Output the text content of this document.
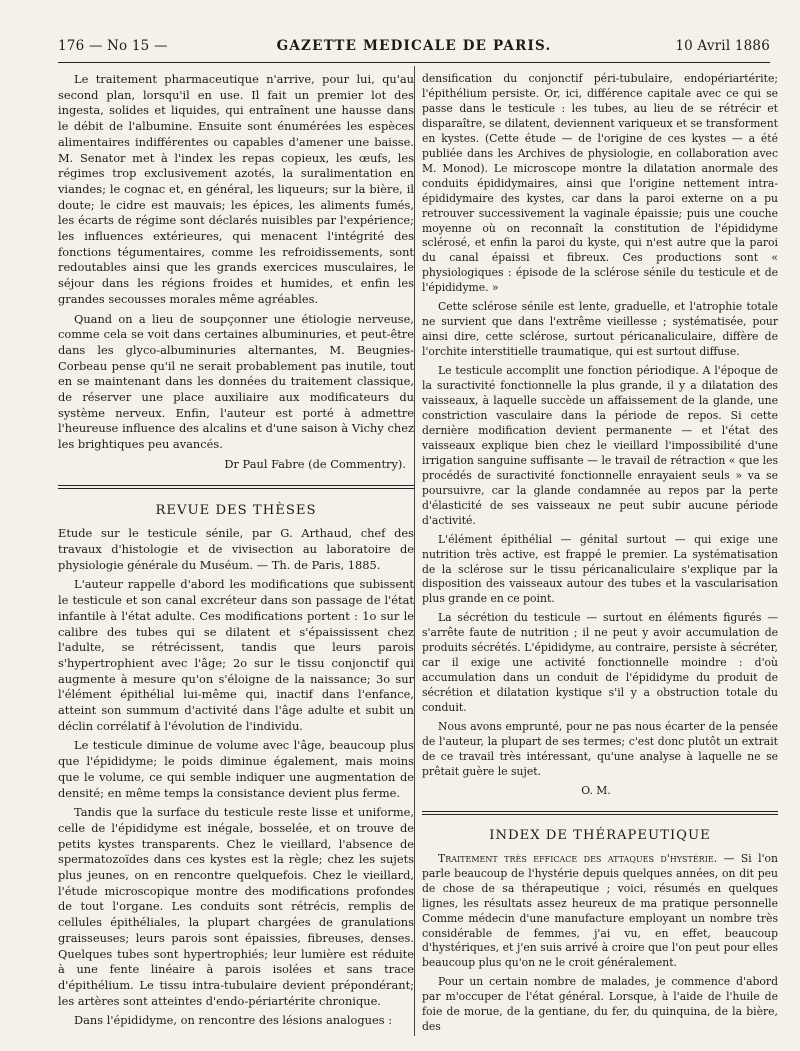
176 — No 15 —	GAZETTE MEDICALE DE PARIS.	10 Avril 1886

Le traitement pharmaceutique n'arrive, pour lui, qu'au second plan, lorsqu'il en use. Il fait un premier lot des ingesta, solides et liquides, qui entraînent une hausse dans le débit de l'albumine. Ensuite sont énumérées les espèces alimentaires indifférentes ou capables d'amener une baisse. M. Senator met à l'index les repas copieux, les œufs, les régimes trop exclusivement azotés, la suralimentation en viandes; le cognac et, en général, les liqueurs; sur la bière, il doute; le cidre est mauvais; les épices, les aliments fumés, les écarts de régime sont déclarés nuisibles par l'expérience; les influences extérieures, qui menacent l'intégrité des fonctions tégumentaires, comme les refroidissements, sont redoutables ainsi que les grands exercices musculaires, le séjour dans les régions froides et humides, et enfin les grandes secousses morales même agréables.

Quand on a lieu de soupçonner une étiologie nerveuse, comme cela se voit dans certaines albuminuries, et peut-être dans les glyco-albuminuries alternantes, M. Beugnies-Corbeau pense qu'il ne serait probablement pas inutile, tout en se maintenant dans les données du traitement classique, de réserver une place auxiliaire aux modificateurs du système nerveux. Enfin, l'auteur est porté à admettre l'heureuse influence des alcalins et d'une saison à Vichy chez les brightiques peu avancés.

Dr Paul Fabre (de Commentry).

REVUE DES THÈSES

Etude sur le testicule sénile, par G. Arthaud, chef des travaux d'histologie et de vivisection au laboratoire de physiologie générale du Muséum. — Th. de Paris, 1885.

L'auteur rappelle d'abord les modifications que subissent le testicule et son canal excréteur dans son passage de l'état infantile à l'état adulte. Ces modifications portent : 1o sur le calibre des tubes qui se dilatent et s'épaississent chez l'adulte, se rétrécissent, tandis que leurs parois s'hypertrophient avec l'âge; 2o sur le tissu conjonctif qui augmente à mesure qu'on s'éloigne de la naissance; 3o sur l'élément épithélial lui-même qui, inactif dans l'enfance, atteint son summum d'activité dans l'âge adulte et subit un déclin corrélatif à l'évolution de l'individu.

Le testicule diminue de volume avec l'âge, beaucoup plus que l'épididyme; le poids diminue également, mais moins que le volume, ce qui semble indiquer une augmentation de densité; en même temps la consistance devient plus ferme.

Tandis que la surface du testicule reste lisse et uniforme, celle de l'épididyme est inégale, bosselée, et on trouve de petits kystes transparents. Chez le vieillard, l'absence de spermatozoïdes dans ces kystes est la règle; chez les sujets plus jeunes, on en rencontre quelquefois. Chez le vieillard, l'étude microscopique montre des modifications profondes de tout l'organe. Les conduits sont rétrécis, remplis de cellules épithéliales, la plupart chargées de granulations graisseuses; leurs parois sont épaissies, fibreuses, denses. Quelques tubes sont hypertrophiés; leur lumière est réduite à une fente linéaire à parois isolées et sans trace d'épithélium. Le tissu intra-tubulaire devient prépondérant; les artères sont atteintes d'endo-périartérite chronique.

Dans l'épididyme, on rencontre des lésions analogues :

densification du conjonctif péri-tubulaire, endopériartérite; l'épithélium persiste. Or, ici, différence capitale avec ce qui se passe dans le testicule : les tubes, au lieu de se rétrécir et disparaître, se dilatent, deviennent variqueux et se transforment en kystes. (Cette étude — de l'origine de ces kystes — a été publiée dans les Archives de physiologie, en collaboration avec M. Monod). Le microscope montre la dilatation anormale des conduits épididymaires, ainsi que l'origine nettement intra-épididymaire des kystes, car dans la paroi externe on a pu retrouver successivement la vaginale épaissie; puis une couche moyenne où on reconnaît la constitution de l'épididyme sclérosé, et enfin la paroi du kyste, qui n'est autre que la paroi du canal épaissi et fibreux. Ces productions sont « physiologiques : épisode de la sclérose sénile du testicule et de l'épididyme. »

Cette sclérose sénile est lente, graduelle, et l'atrophie totale ne survient que dans l'extrême vieillesse ; systématisée, pour ainsi dire, cette sclérose, surtout péricanaliculaire, diffère de l'orchite interstitielle traumatique, qui est surtout diffuse.

Le testicule accomplit une fonction périodique. A l'époque de la suractivité fonctionnelle la plus grande, il y a dilatation des vaisseaux, à laquelle succède un affaissement de la glande, une constriction vasculaire dans la période de repos. Si cette dernière modification devient permanente — et l'état des vaisseaux explique bien chez le vieillard l'impossibilité d'une irrigation sanguine suffisante — le travail de rétraction « que les procédés de suractivité fonctionnelle enrayaient seuls » va se poursuivre, car la glande condamnée au repos par la perte d'élasticité de ses vaisseaux ne peut subir aucune période d'activité.

L'élément épithélial — génital surtout — qui exige une nutrition très active, est frappé le premier. La systématisation de la sclérose sur le tissu péricanaliculaire s'explique par la disposition des vaisseaux autour des tubes et la vascularisation plus grande en ce point.

La sécrétion du testicule — surtout en éléments figurés — s'arrête faute de nutrition ; il ne peut y avoir accumulation de produits sécrétés. L'épididyme, au contraire, persiste à sécréter, car il exige une activité fonctionnelle moindre : d'où accumulation dans un conduit de l'épididyme du produit de sécrétion et dilatation kystique s'il y a obstruction totale du conduit.

Nous avons emprunté, pour ne pas nous écarter de la pensée de l'auteur, la plupart de ses termes; c'est donc plutôt un extrait de ce travail très intéressant, qu'une analyse à laquelle ne se prêtait guère le sujet.

O. M.

INDEX DE THÉRAPEUTIQUE

Traitement très efficace des attaques d'hystérie. — Si l'on parle beaucoup de l'hystérie depuis quelques années, on dit peu de chose de sa thérapeutique ; voici, résumés en quelques lignes, les résultats assez heureux de ma pratique personnelle Comme médecin d'une manufacture employant un nombre très considérable de femmes, j'ai vu, en effet, beaucoup d'hystériques, et j'en suis arrivé à croire que l'on peut pour elles beaucoup plus qu'on ne le croit généralement.

Pour un certain nombre de malades, je commence d'abord par m'occuper de l'état général. Lorsque, à l'aide de l'huile de foie de morue, de la gentiane, du fer, du quinquina, de la bière, des
